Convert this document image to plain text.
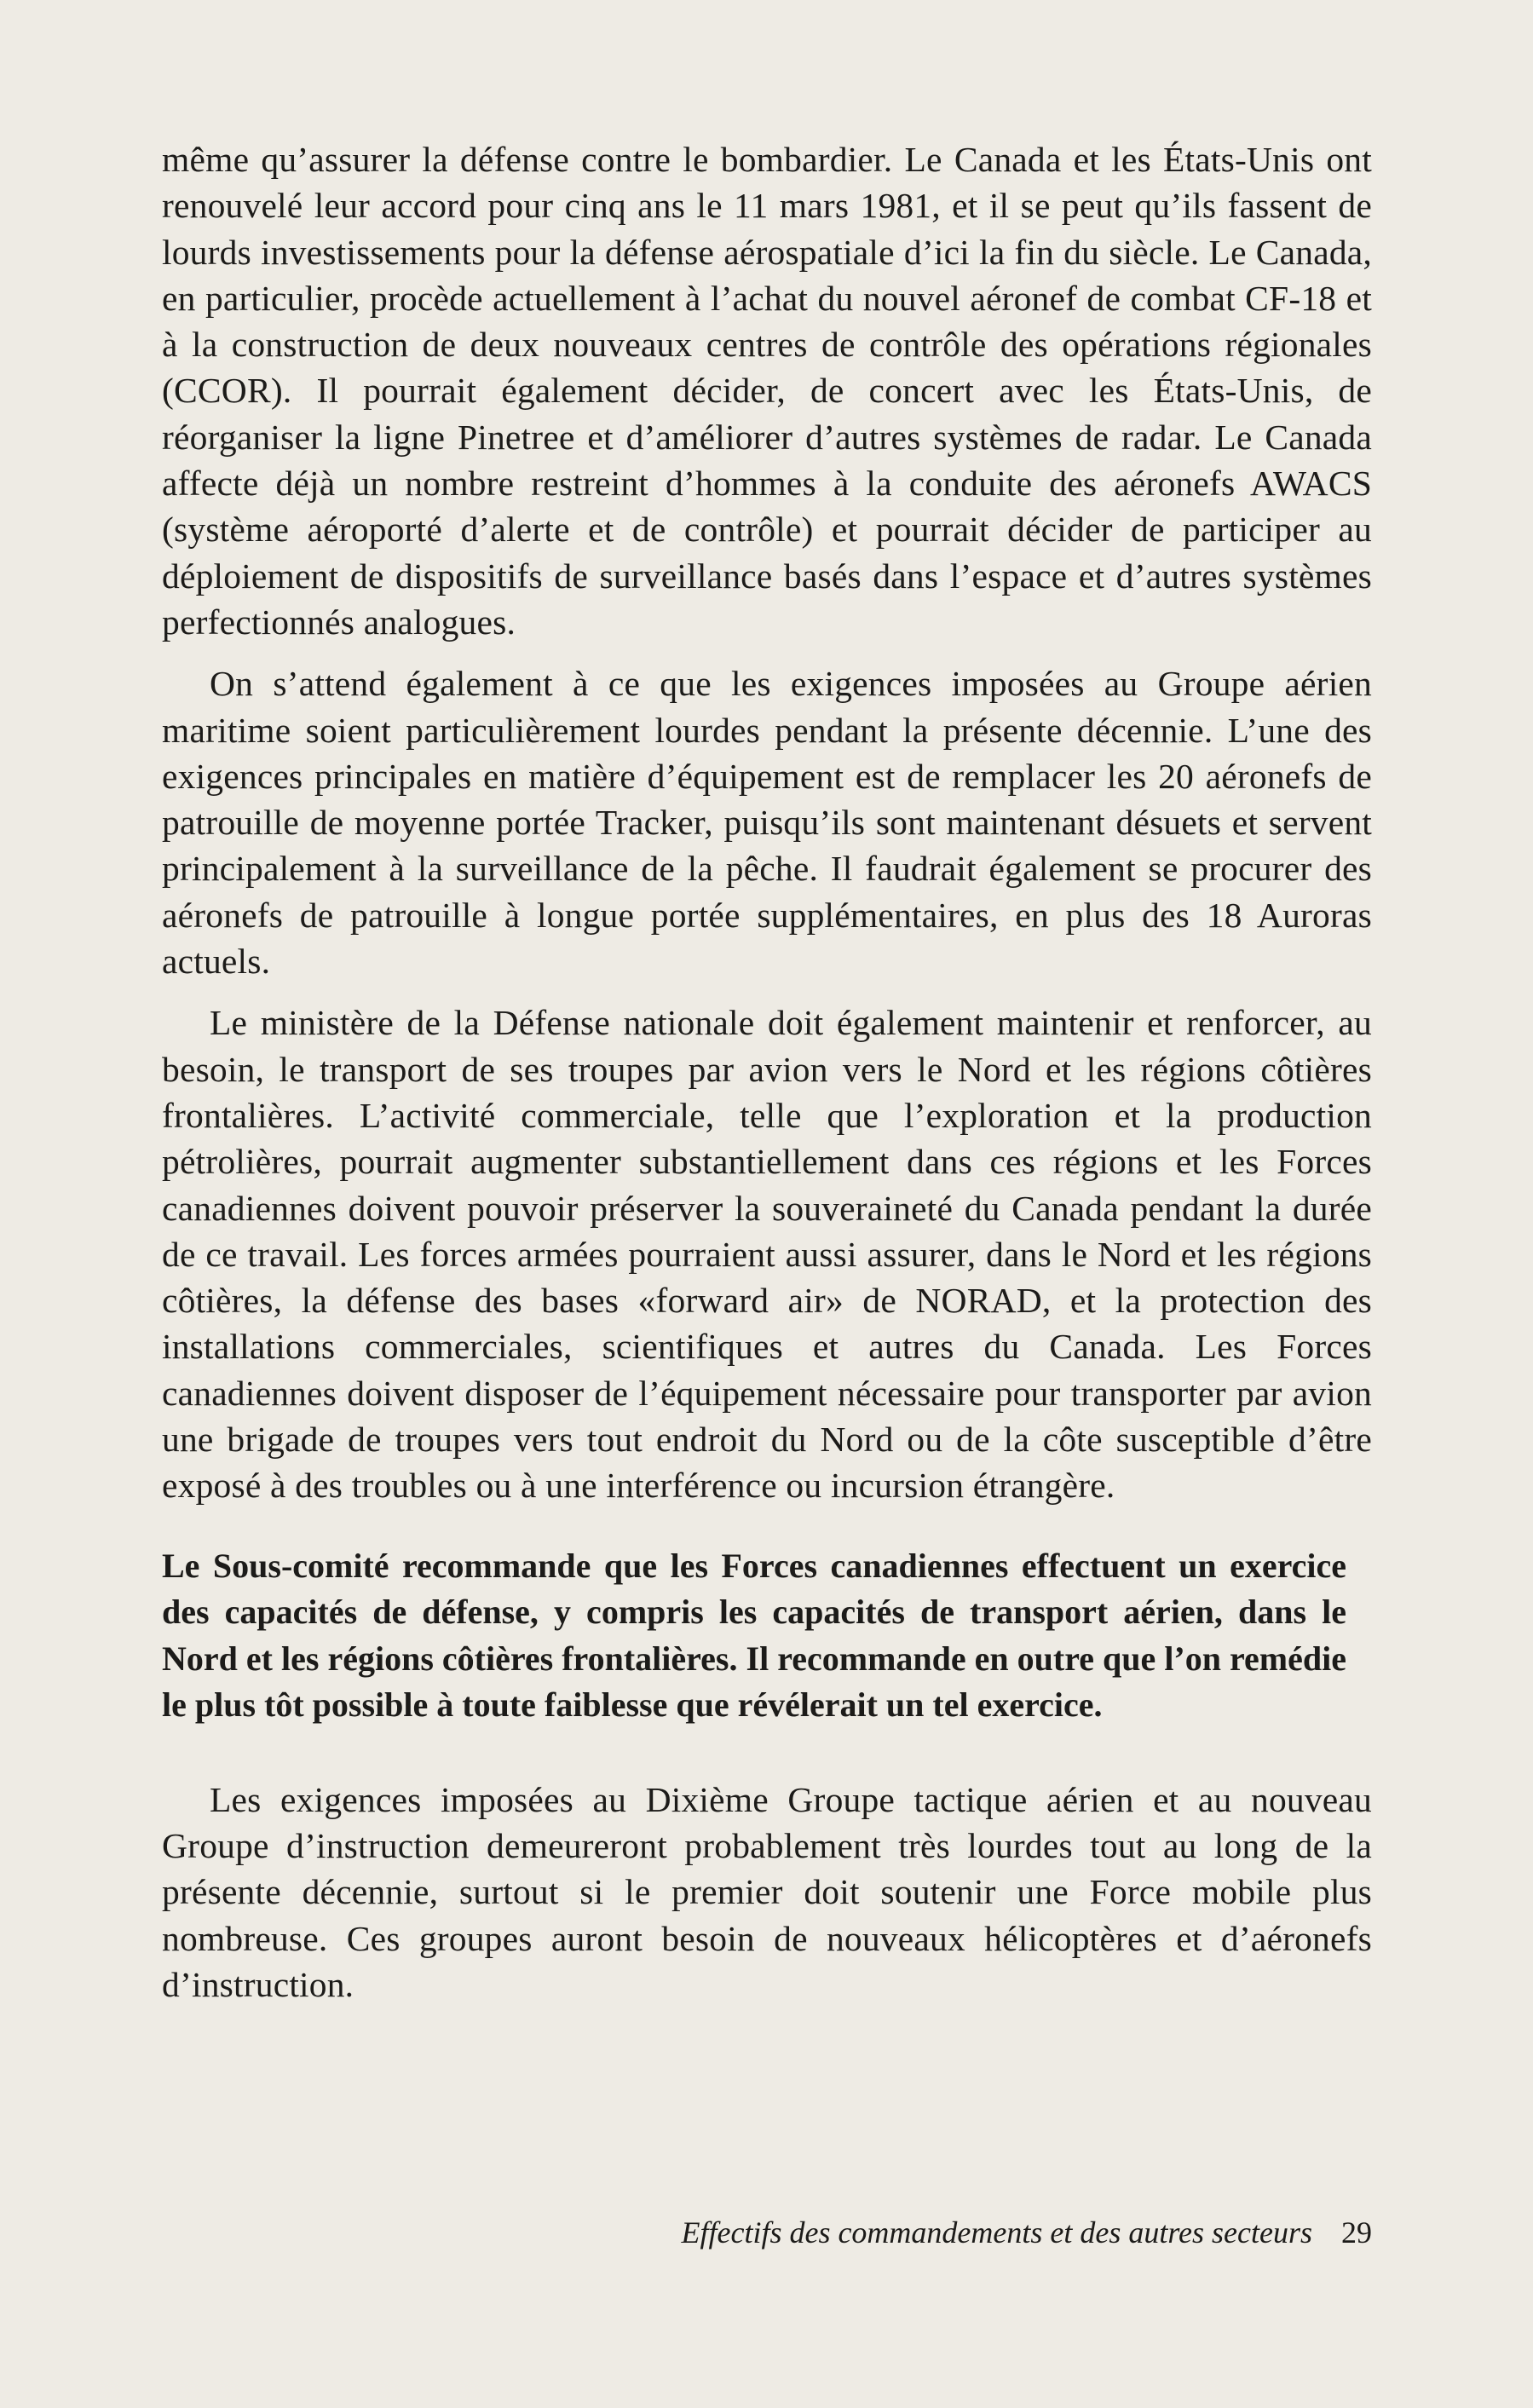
même qu’assurer la défense contre le bombardier. Le Canada et les États-Unis ont renouvelé leur accord pour cinq ans le 11 mars 1981, et il se peut qu’ils fassent de lourds investissements pour la défense aérospatiale d’ici la fin du siècle. Le Canada, en particulier, procède actuellement à l’achat du nouvel aéronef de combat CF-18 et à la construction de deux nouveaux centres de contrôle des opérations régionales (CCOR). Il pourrait également décider, de concert avec les États-Unis, de réorganiser la ligne Pinetree et d’améliorer d’autres systèmes de radar. Le Canada affecte déjà un nombre restreint d’hommes à la conduite des aéronefs AWACS (système aéroporté d’alerte et de contrôle) et pourrait décider de participer au déploiement de dispositifs de surveillance basés dans l’espace et d’autres systèmes perfectionnés analogues.

On s’attend également à ce que les exigences imposées au Groupe aérien maritime soient particulièrement lourdes pendant la présente décennie. L’une des exigences principales en matière d’équipement est de remplacer les 20 aéronefs de patrouille de moyenne portée Tracker, puisqu’ils sont maintenant désuets et servent principalement à la surveillance de la pêche. Il faudrait également se procurer des aéronefs de patrouille à longue portée supplémentaires, en plus des 18 Auroras actuels.

Le ministère de la Défense nationale doit également maintenir et renforcer, au besoin, le transport de ses troupes par avion vers le Nord et les régions côtières frontalières. L’activité commerciale, telle que l’exploration et la production pétrolières, pourrait augmenter substantiellement dans ces régions et les Forces canadiennes doivent pouvoir préserver la souveraineté du Canada pendant la durée de ce travail. Les forces armées pourraient aussi assurer, dans le Nord et les régions côtières, la défense des bases «forward air» de NORAD, et la protection des installations commerciales, scientifiques et autres du Canada. Les Forces canadiennes doivent disposer de l’équipement nécessaire pour transporter par avion une brigade de troupes vers tout endroit du Nord ou de la côte susceptible d’être exposé à des troubles ou à une interférence ou incursion étrangère.

Le Sous-comité recommande que les Forces canadiennes effectuent un exercice des capacités de défense, y compris les capacités de transport aérien, dans le Nord et les régions côtières frontalières. Il recommande en outre que l’on remédie le plus tôt possible à toute faiblesse que révélerait un tel exercice.

Les exigences imposées au Dixième Groupe tactique aérien et au nouveau Groupe d’instruction demeureront probablement très lourdes tout au long de la présente décennie, surtout si le premier doit soutenir une Force mobile plus nombreuse. Ces groupes auront besoin de nouveaux hélicoptères et d’aéronefs d’instruction.

Effectifs des commandements et des autres secteurs 29
